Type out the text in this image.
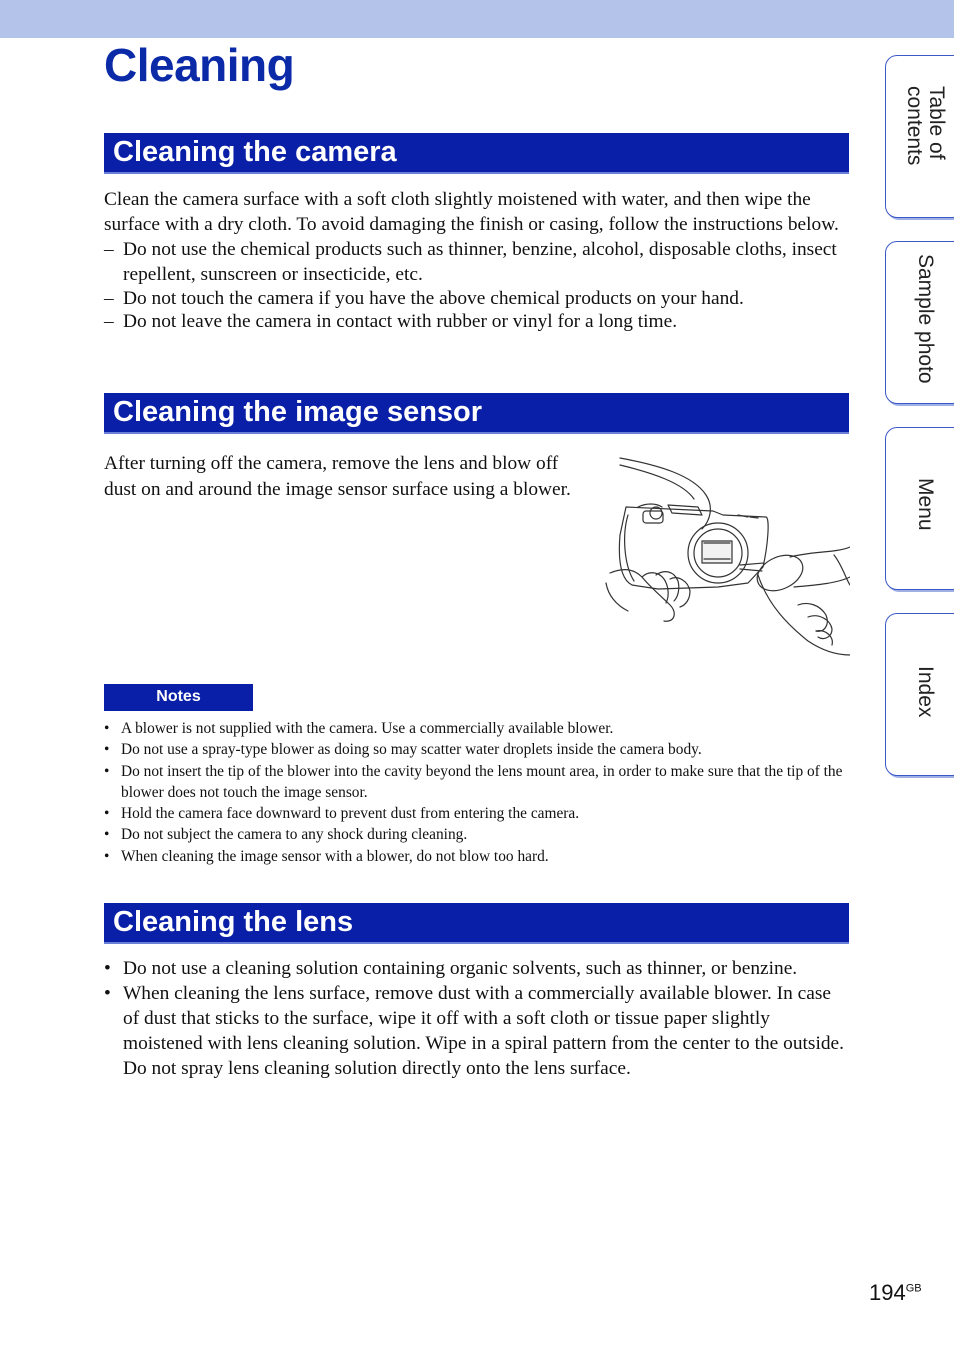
Cleaning
Cleaning the camera

Clean the camera surface with a soft cloth slightly moistened with water, and then wipe the surface with a dry cloth. To avoid damaging the finish or casing, follow the instructions below.

– Do not use the chemical products such as thinner, benzine, alcohol, disposable cloths, insect repellent, sunscreen or insecticide, etc.
– Do not touch the camera if you have the above chemical products on your hand.
– Do not leave the camera in contact with rubber or vinyl for a long time.
Cleaning the image sensor

After turning off the camera, remove the lens and blow off dust on and around the image sensor surface using a blower.

Notes
• A blower is not supplied with the camera. Use a commercially available blower.
• Do not use a spray-type blower as doing so may scatter water droplets inside the camera body.
• Do not insert the tip of the blower into the cavity beyond the lens mount area, in order to make sure that the tip of the blower does not touch the image sensor.
• Hold the camera face downward to prevent dust from entering the camera.
• Do not subject the camera to any shock during cleaning.
• When cleaning the image sensor with a blower, do not blow too hard.
Cleaning the lens
• Do not use a cleaning solution containing organic solvents, such as thinner, or benzine.
• When cleaning the lens surface, remove dust with a commercially available blower. In case of dust that sticks to the surface, wipe it off with a soft cloth or tissue paper slightly moistened with lens cleaning solution. Wipe in a spiral pattern from the center to the outside. Do not spray lens cleaning solution directly onto the lens surface.
Table of
contents
Sample photo
Menu
Index
$194^{GB}$
